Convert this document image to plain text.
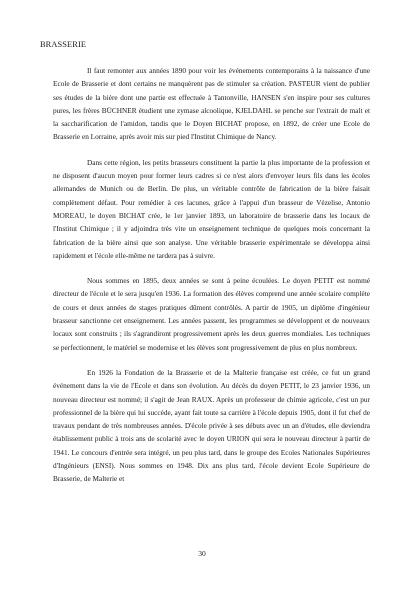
BRASSERIE

Il faut remonter aux années 1890 pour voir les événements contemporains à la naissance d'une Ecole de Brasserie et dont certains ne manquèrent pas de stimuler sa création. PASTEUR vient de publier ses études de la bière dont une partie est effectuée à Tantonville, HANSEN s'en inspire pour ses cultures pures, les frères BÜCHNER étudient une zymase alcoolique, KJELDAHL se penche sur l'extrait de malt et la saccharification de l'amidon, tandis que le Doyen BICHAT propose, en 1892, de créer une Ecole de Brasserie en Lorraine, après avoir mis sur pied l'Institut Chimique de Nancy.

Dans cette région, les petits brasseurs constituent la partie la plus importante de la profession et ne disposent d'aucun moyen pour former leurs cadres si ce n'est alors d'envoyer leurs fils dans les écoles allemandes de Munich ou de Berlin. De plus, un véritable contrôle de fabrication de la bière faisait complètement défaut. Pour remédier à ces lacunes, grâce à l'appui d'un brasseur de Vézelise, Antonio MOREAU, le doyen BICHAT crée, le 1er janvier 1893, un laboratoire de brasserie dans les locaux de l'Institut Chimique ; il y adjoindra très vite un enseignement technique de quelques mois concernant la fabrication de la bière ainsi que son analyse. Une véritable brasserie expérimentale se développa ainsi rapidement et l'école elle-même ne tardera pas à suivre.

Nous sommes en 1895, deux années se sont à peine écoulées. Le doyen PETIT est nommé directeur de l'école et le sera jusqu'en 1936. La formation des élèves comprend une année scolaire complète de cours et deux années de stages pratiques dûment contrôlés. A partir de 1905, un diplôme d'ingénieur brasseur sanctionne cet enseignement. Les années passent, les programmes se développent et de nouveaux locaux sont construits ; ils s'agrandiront progressivement après les deux guerres mondiales. Les techniques se perfectionnent, le matériel se modernise et les élèves sont progressivement de plus en plus nombreux.

En 1926 la Fondation de la Brasserie et de la Malterie française est créée, ce fut un grand événement dans la vie de l'Ecole et dans son évolution. Au décès du doyen PETIT, le 23 janvier 1936, un nouveau directeur est nommé; il s'agit de Jean RAUX. Après un professeur de chimie agricole, c'est un pur professionnel de la bière qui lui succède, ayant fait toute sa carrière à l'école depuis 1905, dont il fut chef de travaux pendant de très nombreuses années. D'école privée à ses débuts avec un an d'études, elle deviendra établissement public à trois ans de scolarité avec le doyen URION qui sera le nouveau directeur à partir de 1941. Le concours d'entrée sera intégré, un peu plus tard, dans le groupe des Ecoles Nationales Supérieures d'Ingénieurs (ENSI). Nous sommes en 1948. Dix ans plus tard, l'école devient Ecole Supérieure de Brasserie, de Malterie et

30
